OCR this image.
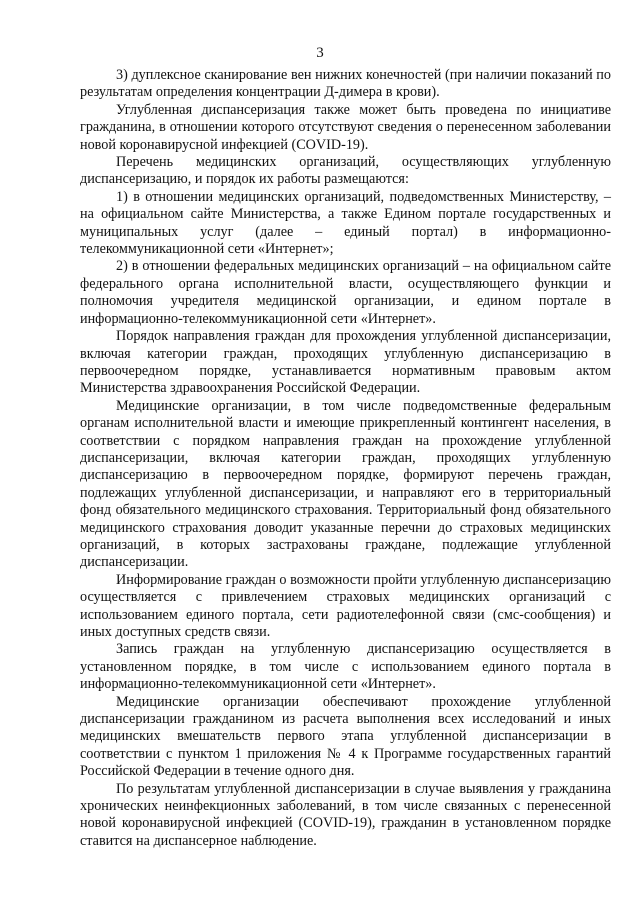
3

3) дуплексное сканирование вен нижних конечностей (при наличии показаний по результатам определения концентрации Д-димера в крови).

Углубленная диспансеризация также может быть проведена по инициативе гражданина, в отношении которого отсутствуют сведения о перенесенном заболевании новой коронавирусной инфекцией (COVID-19).

Перечень медицинских организаций, осуществляющих углубленную диспансеризацию, и порядок их работы размещаются:

1) в отношении медицинских организаций, подведомственных Министерству, – на официальном сайте Министерства, а также Едином портале государственных и муниципальных услуг (далее – единый портал) в информационно-телекоммуникационной сети «Интернет»;

2) в отношении федеральных медицинских организаций – на официальном сайте федерального органа исполнительной власти, осуществляющего функции и полномочия учредителя медицинской организации, и едином портале в информационно-телекоммуникационной сети «Интернет».

Порядок направления граждан для прохождения углубленной диспансеризации, включая категории граждан, проходящих углубленную диспансеризацию в первоочередном порядке, устанавливается нормативным правовым актом Министерства здравоохранения Российской Федерации.

Медицинские организации, в том числе подведомственные федеральным органам исполнительной власти и имеющие прикрепленный контингент населения, в соответствии с порядком направления граждан на прохождение углубленной диспансеризации, включая категории граждан, проходящих углубленную диспансеризацию в первоочередном порядке, формируют перечень граждан, подлежащих углубленной диспансеризации, и направляют его в территориальный фонд обязательного медицинского страхования. Территориальный фонд обязательного медицинского страхования доводит указанные перечни до страховых медицинских организаций, в которых застрахованы граждане, подлежащие углубленной диспансеризации.

Информирование граждан о возможности пройти углубленную диспансеризацию осуществляется с привлечением страховых медицинских организаций с использованием единого портала, сети радиотелефонной связи (смс-сообщения) и иных доступных средств связи.

Запись граждан на углубленную диспансеризацию осуществляется в установленном порядке, в том числе с использованием единого портала в информационно-телекоммуникационной сети «Интернет».

Медицинские организации обеспечивают прохождение углубленной диспансеризации гражданином из расчета выполнения всех исследований и иных медицинских вмешательств первого этапа углубленной диспансеризации в соответствии с пунктом 1 приложения № 4 к Программе государственных гарантий Российской Федерации в течение одного дня.

По результатам углубленной диспансеризации в случае выявления у гражданина хронических неинфекционных заболеваний, в том числе связанных с перенесенной новой коронавирусной инфекцией (COVID-19), гражданин в установленном порядке ставится на диспансерное наблюдение.
